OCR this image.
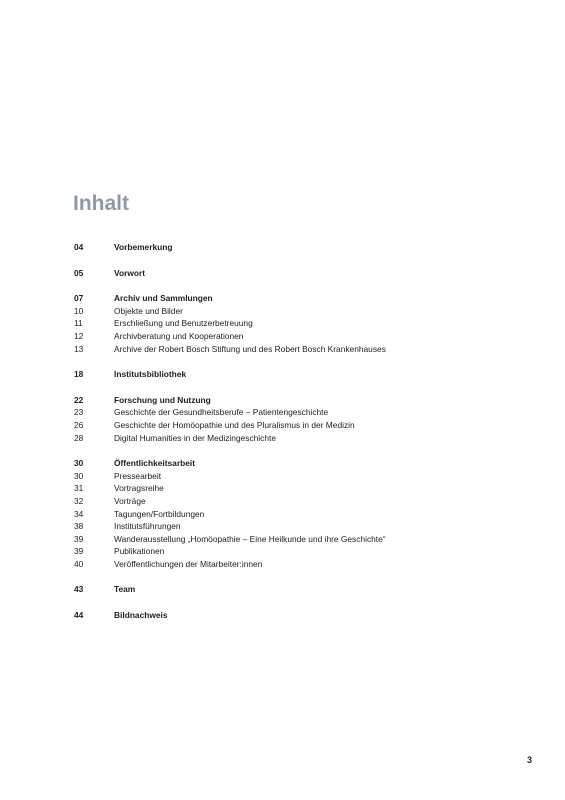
Inhalt
04	Vorbemerkung
05	Vorwort
07	Archiv und Sammlungen
10	Objekte und Bilder
11	Erschließung und Benutzerbetreuung
12	Archivberatung und Kooperationen
13	Archive der Robert Bosch Stiftung und des Robert Bosch Krankenhauses
18	Institutsbibliothek
22	Forschung und Nutzung
23	Geschichte der Gesundheitsberufe – Patientengeschichte
26	Geschichte der Homöopathie und des Pluralismus in der Medizin
28	Digital Humanities in der Medizingeschichte
30	Öffentlichkeitsarbeit
30	Pressearbeit
31	Vortragsreihe
32	Vorträge
34	Tagungen/Fortbildungen
38	Institutsführungen
39	Wanderausstellung „Homöopathie – Eine Heilkunde und ihre Geschichte“
39	Publikationen
40	Veröffentlichungen der Mitarbeiter:innen
43	Team
44	Bildnachweis
3
